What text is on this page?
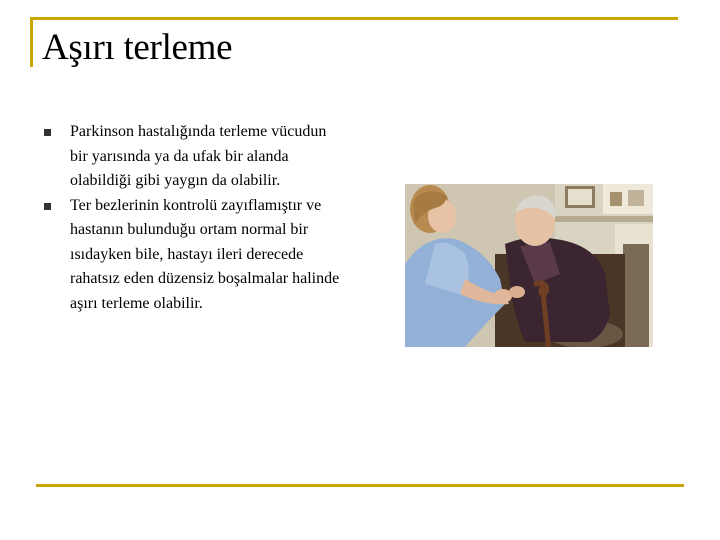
Aşırı terleme
Parkinson hastalığında terleme vücudun bir yarısında ya da ufak bir alanda olabildiği gibi yaygın da olabilir.
Ter bezlerinin kontrolü zayıflamıştır ve hastanın bulunduğu ortam normal bir ısıdayken bile, hastayı ileri derecede rahatsız eden düzensiz boşalmalar halinde aşırı terleme olabilir.
